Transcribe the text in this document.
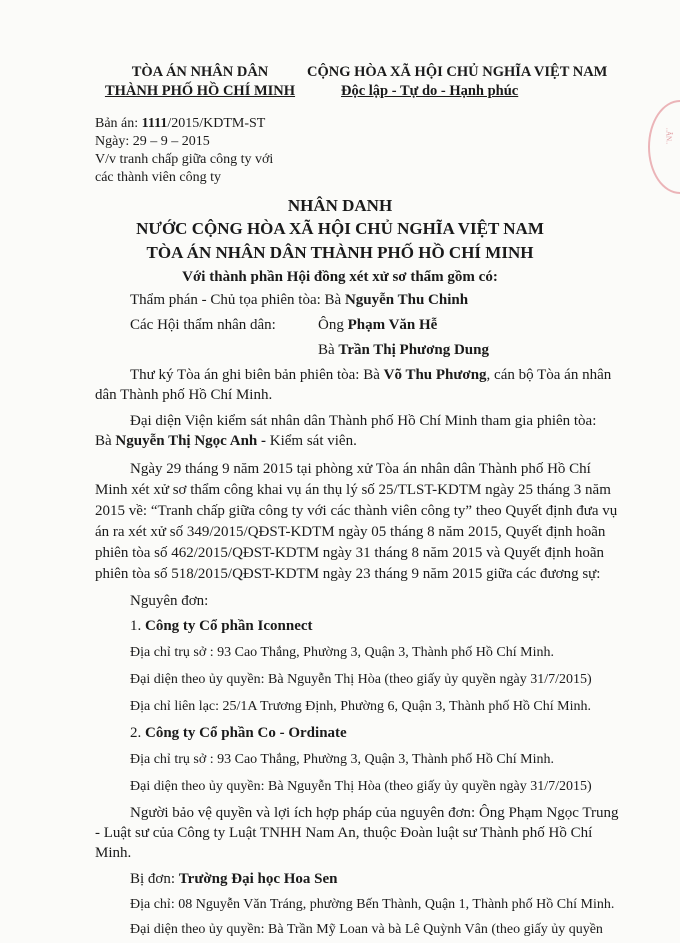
..ÂN..
TÒA ÁN NHÂN DÂN
THÀNH PHỐ HỒ CHÍ MINH
CỘNG HÒA XÃ HỘI CHỦ NGHĨA VIỆT NAM
Độc lập - Tự do - Hạnh phúc
Bản án: 1111/2015/KDTM-ST
Ngày: 29 – 9 – 2015
V/v tranh chấp giữa công ty với
các thành viên công ty
NHÂN DANH
NƯỚC CỘNG HÒA XÃ HỘI CHỦ NGHĨA VIỆT NAM
TÒA ÁN NHÂN DÂN THÀNH PHỐ HỒ CHÍ MINH
Với thành phần Hội đồng xét xử sơ thẩm gồm có:
Thẩm phán - Chủ tọa phiên tòa: Bà Nguyễn Thu Chinh
Các Hội thẩm nhân dân:	Ông Phạm Văn Hễ
Bà Trần Thị Phương Dung
Thư ký Tòa án ghi biên bản phiên tòa: Bà Võ Thu Phương, cán bộ Tòa án nhân
dân Thành phố Hồ Chí Minh.
Đại diện Viện kiểm sát nhân dân Thành phố Hồ Chí Minh tham gia phiên tòa:
Bà Nguyễn Thị Ngọc Anh - Kiểm sát viên.
Ngày 29 tháng 9 năm 2015 tại phòng xử Tòa án nhân dân Thành phố Hồ Chí
Minh xét xử sơ thẩm công khai vụ án thụ lý số 25/TLST-KDTM ngày 25 tháng 3 năm
2015 về: “Tranh chấp giữa công ty với các thành viên công ty” theo Quyết định đưa vụ
án ra xét xử số 349/2015/QĐST-KDTM ngày 05 tháng 8 năm 2015, Quyết định hoãn
phiên tòa số 462/2015/QĐST-KDTM ngày 31 tháng 8 năm 2015 và Quyết định hoãn
phiên tòa số 518/2015/QĐST-KDTM ngày 23 tháng 9 năm 2015 giữa các đương sự:
Nguyên đơn:
1. Công ty Cổ phần Iconnect
Địa chỉ trụ sở : 93 Cao Thắng, Phường 3, Quận 3, Thành phố Hồ Chí Minh.
Đại diện theo ủy quyền: Bà Nguyễn Thị Hòa (theo giấy ủy quyền ngày 31/7/2015)
Địa chỉ liên lạc: 25/1A Trương Định, Phường 6, Quận 3, Thành phố Hồ Chí Minh.
2. Công ty Cổ phần Co - Ordinate
Địa chỉ trụ sở : 93 Cao Thắng, Phường 3, Quận 3, Thành phố Hồ Chí Minh.
Đại diện theo ủy quyền: Bà Nguyễn Thị Hòa (theo giấy ủy quyền ngày 31/7/2015)
Người bảo vệ quyền và lợi ích hợp pháp của nguyên đơn: Ông Phạm Ngọc Trung
- Luật sư của Công ty Luật TNHH Nam An, thuộc Đoàn luật sư Thành phố Hồ Chí
Minh.
Bị đơn: Trường Đại học Hoa Sen
Địa chỉ: 08 Nguyễn Văn Tráng, phường Bến Thành, Quận 1, Thành phố Hồ Chí Minh.
Đại diện theo ủy quyền: Bà Trần Mỹ Loan và bà Lê Quỳnh Vân (theo giấy ủy quyền
